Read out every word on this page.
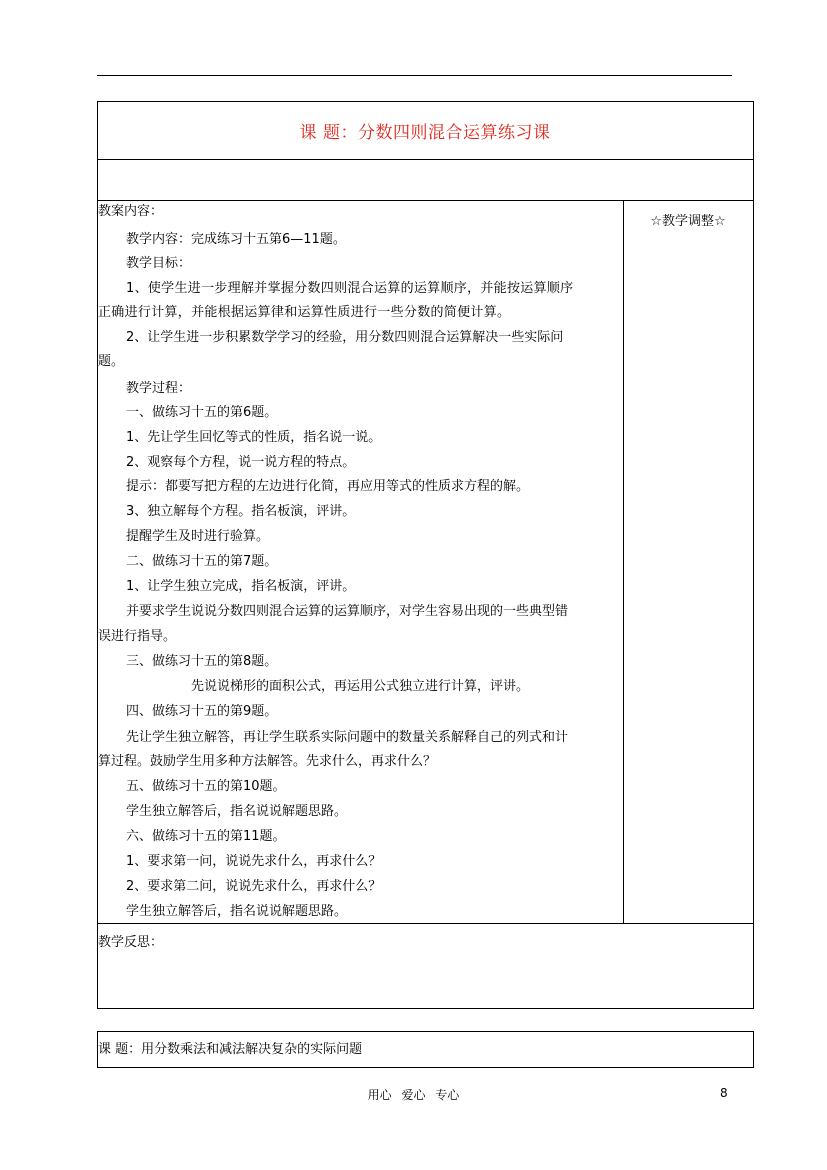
课 题：分数四则混合运算练习课
☆教学调整☆
教案内容：
教学内容：完成练习十五第6—11题。
教学目标：
1、使学生进一步理解并掌握分数四则混合运算的运算顺序，并能按运算顺序
正确进行计算，并能根据运算律和运算性质进行一些分数的简便计算。
2、让学生进一步积累数学学习的经验，用分数四则混合运算解决一些实际问
题。
教学过程：
一、做练习十五的第6题。
1、先让学生回忆等式的性质，指名说一说。
2、观察每个方程，说一说方程的特点。
提示：都要写把方程的左边进行化简，再应用等式的性质求方程的解。
3、独立解每个方程。指名板演，评讲。
提醒学生及时进行验算。
二、做练习十五的第7题。
1、让学生独立完成，指名板演，评讲。
并要求学生说说分数四则混合运算的运算顺序，对学生容易出现的一些典型错
误进行指导。
三、做练习十五的第8题。
先说说梯形的面积公式，再运用公式独立进行计算，评讲。
四、做练习十五的第9题。
先让学生独立解答，再让学生联系实际问题中的数量关系解释自己的列式和计
算过程。鼓励学生用多种方法解答。先求什么，再求什么？
五、做练习十五的第10题。
学生独立解答后，指名说说解题思路。
六、做练习十五的第11题。
1、要求第一问，说说先求什么，再求什么？
2、要求第二问，说说先求什么，再求什么？
学生独立解答后，指名说说解题思路。
教学反思：
课 题：用分数乘法和减法解决复杂的实际问题
用心 爱心 专心	8
